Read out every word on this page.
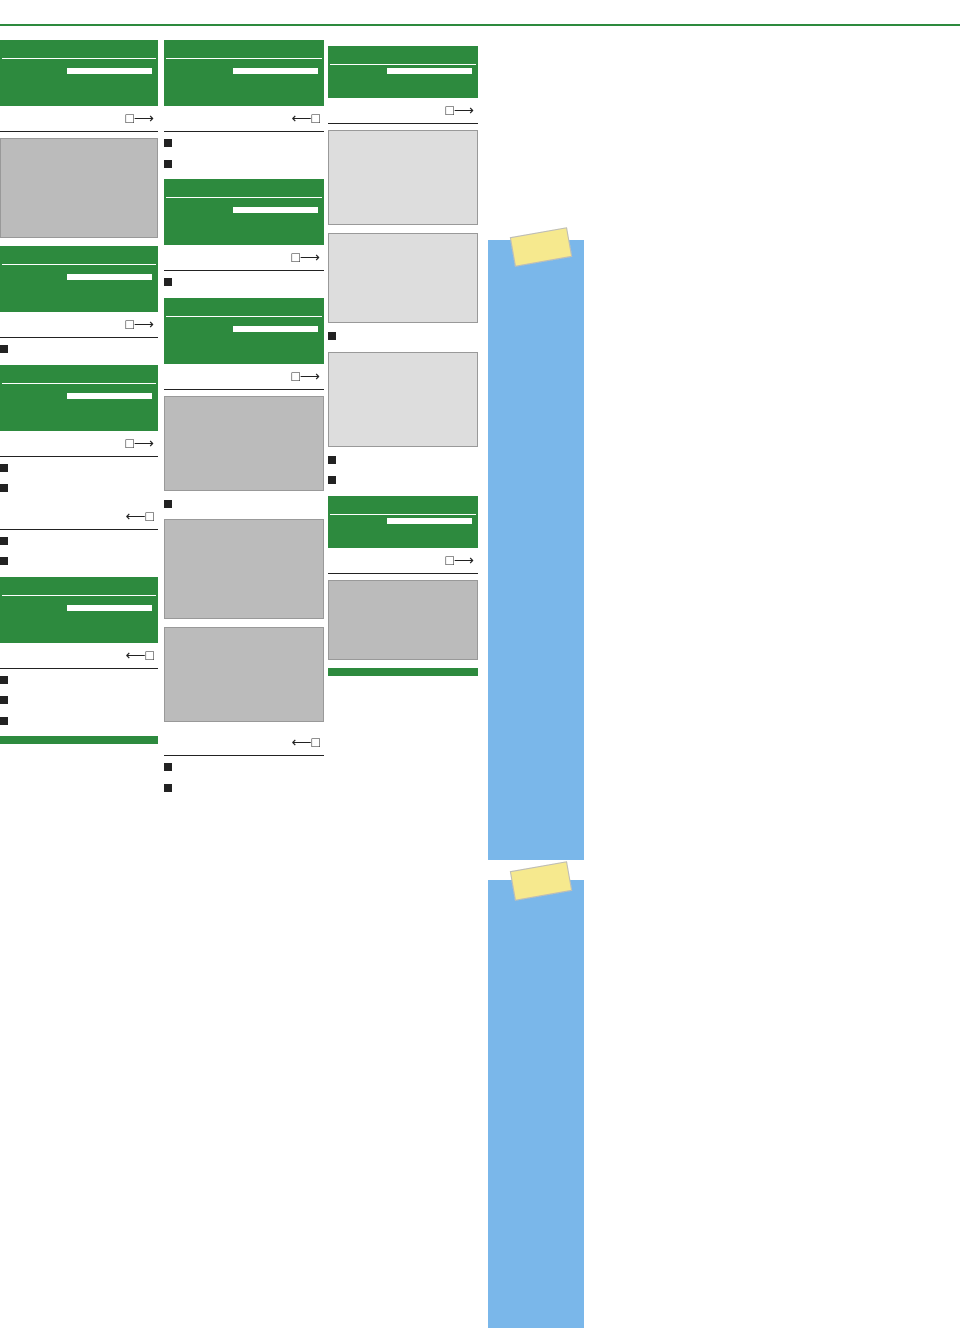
□⟶
□⟶
□⟶
⟵□
⟵□
⟵□
□⟶
□⟶
⟵□
□⟶
□⟶
